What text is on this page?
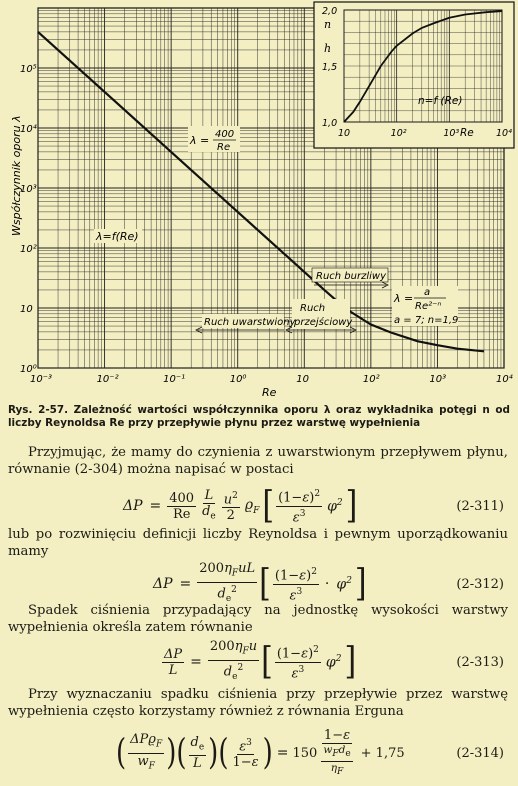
10⁻³	10⁻²	10⁻¹	10⁰	10	10²	10³	10⁴
10⁰
10
10²
10³
10⁴
10⁵
10	10²	10³	10⁴
1,0
1,5
2,0
n
h
n=f (Re)
Re
Współczynnik oporu λ
Re
λ = 400
Re
λ=f(Re)
Ruch burzliwy
Ruch
przejściowy
Ruch uwarstwiony
λ = a
Re²⁻ⁿ
a = 7; n=1,9
Rys. 2-57. Zależność wartości współczynnika oporu λ oraz wykładnika potęgi n od liczby Reynoldsa Re przy przepływie płynu przez warstwę wypełnienia
Przyjmując, że mamy do czynienia z uwarstwionym przepływem płynu, równanie (2-304) można napisać w postaci
$\Delta P = \frac{400}{Re} \frac{L}{d_e} \frac{u^2}{2} ϱ_F$ [ $\frac{(1-\varepsilon)^2}{\varepsilon^3} \varphi^2$ ]	(2-311)
lub po rozwinięciu definicji liczby Reynoldsa i pewnym uporządkowaniu mamy
$\Delta P = \frac{200\eta_FuL}{d_e^2}$ [ $\frac{(1-\varepsilon)^2}{\varepsilon^3} \cdot \varphi^2$ ]	(2-312)
Spadek ciśnienia przypadający na jednostkę wysokości warstwy wypełnienia określa zatem równanie
$\frac{\Delta P}{L} = \frac{200\eta_Fu}{d_e^2}$ [ $\frac{(1-\varepsilon)^2}{\varepsilon^3} \varphi^2$ ]	(2-313)
Przy wyznaczaniu spadku ciśnienia przy przepływie przez warstwę wypełnienia często korzystamy również z równania Erguna
( $\frac{\Delta Pϱ_F}{w_F}$ ) ( $\frac{d_e}{L}$ ) ( $\frac{\varepsilon^3}{1-\varepsilon}$ ) = $150 \frac{1-\varepsilon}{\frac{w_Fd_e}{\eta_F}} + 1,75$	(2-314)
